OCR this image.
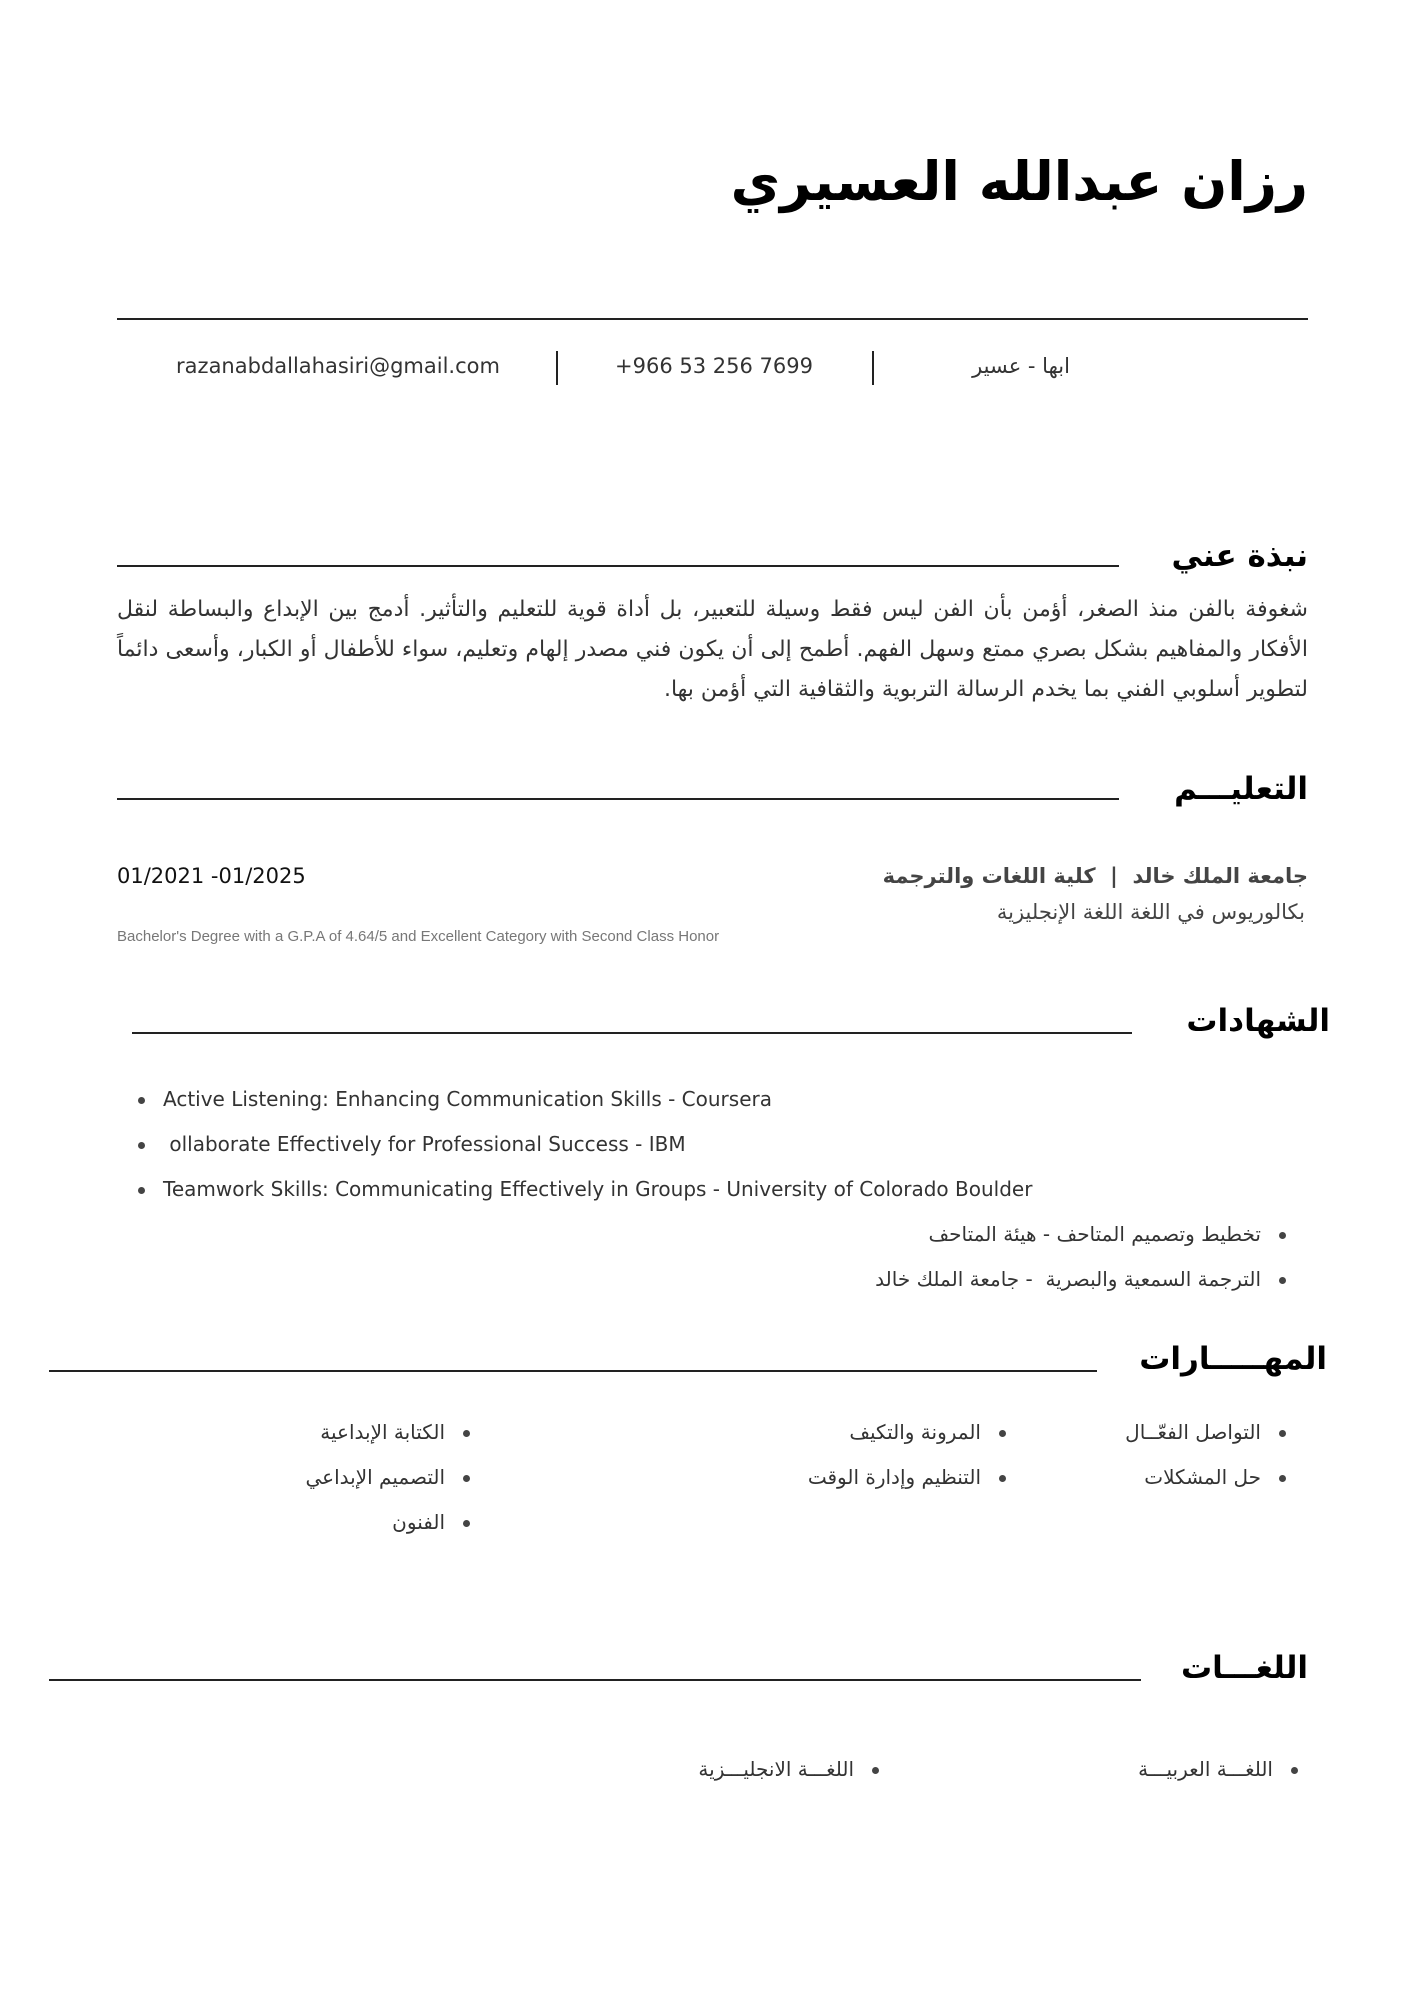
رزان عبدالله العسيري
razanabdallahasiri@gmail.com	+966 53 256 7699	ابها - عسير
نبذة عني
شغوفة بالفن منذ الصغر، أؤمن بأن الفن ليس فقط وسيلة للتعبير، بل أداة قوية للتعليم والتأثير. أدمج بين الإبداع والبساطة لنقل الأفكار والمفاهيم بشكل بصري ممتع وسهل الفهم. أطمح إلى أن يكون فني مصدر إلهام وتعليم، سواء للأطفال أو الكبار، وأسعى دائماً لتطوير أسلوبي الفني بما يخدم الرسالة التربوية والثقافية التي أؤمن بها.
التعليـــم
جامعة الملك خالد  |  كلية اللغات والترجمة
بكالوريوس في اللغة اللغة الإنجليزية
01/2021 -01/2025
Bachelor's Degree with a G.P.A of 4.64/5 and Excellent Category with Second Class Honor
الشهادات
Active Listening: Enhancing Communication Skills - Coursera
ollaborate Effectively for Professional Success - IBM
Teamwork Skills: Communicating Effectively in Groups - University of Colorado Boulder
تخطيط وتصميم المتاحف - هيئة المتاحف
الترجمة السمعية والبصرية  - جامعة الملك خالد
المهـــــارات
التواصل الفعّــال
حل المشكلات
المرونة والتكيف
التنظيم وإدارة الوقت
الكتابة الإبداعية
التصميم الإبداعي
الفنون
اللغـــات
اللغـــة العربيـــة
اللغـــة الانجليـــزية
